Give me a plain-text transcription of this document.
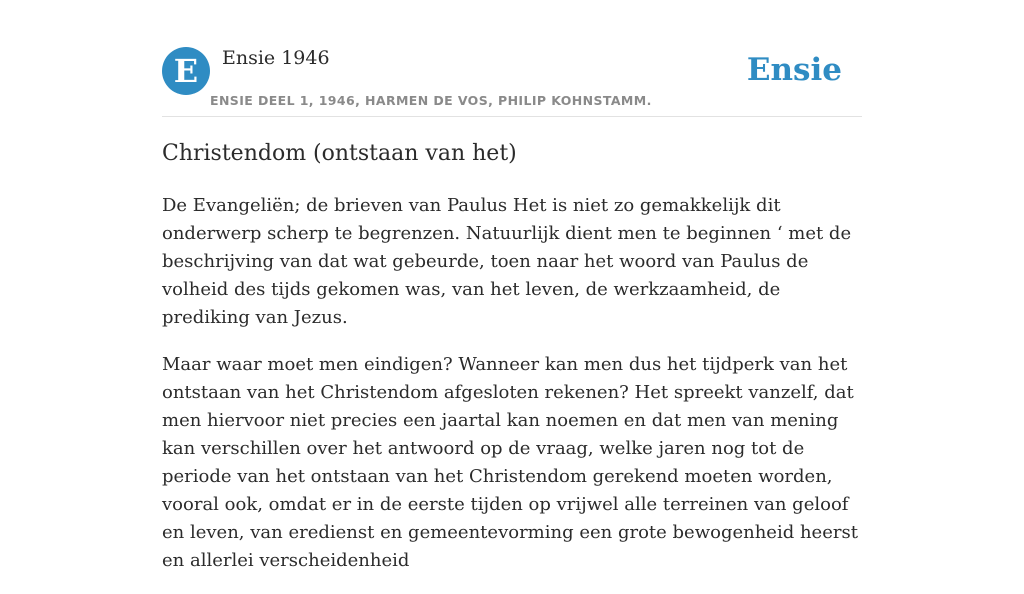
E	Ensie 1946
ENSIE DEEL 1, 1946, HARMEN DE VOS, PHILIP KOHNSTAMM.
Ensie
Christendom (ontstaan van het)

De Evangeliën; de brieven van Paulus Het is niet zo gemakkelijk dit onderwerp scherp te begrenzen. Natuurlijk dient men te beginnen ‘ met de beschrijving van dat wat gebeurde, toen naar het woord van Paulus de volheid des tijds gekomen was, van het leven, de werkzaamheid, de prediking van Jezus.

Maar waar moet men eindigen? Wanneer kan men dus het tijdperk van het ontstaan van het Christendom afgesloten rekenen? Het spreekt vanzelf, dat men hiervoor niet precies een jaartal kan noemen en dat men van mening kan verschillen over het antwoord op de vraag, welke jaren nog tot de periode van het ontstaan van het Christendom gerekend moeten worden, vooral ook, omdat er in de eerste tijden op vrijwel alle terreinen van geloof en leven, van eredienst en gemeentevorming een grote bewogenheid heerst en allerlei verscheidenheid
